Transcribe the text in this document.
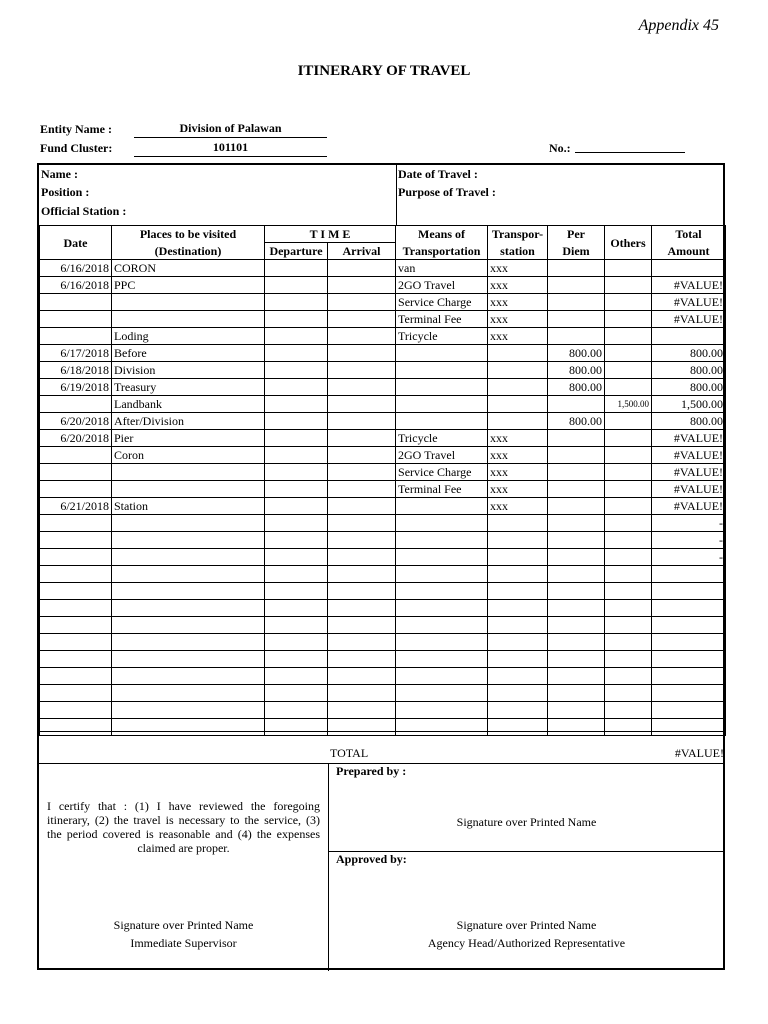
Appendix 45
ITINERARY OF TRAVEL
Entity Name :	Division of Palawan
Fund Cluster:	101101	No.:
Name :
Position :
Official Station :
Date of Travel :
Purpose of Travel :
Date	Places to be visited	T I M E		Means of	Transpor-	Per	Others	Total
	(Destination)	Departure	Arrival	Transportation	station	Diem		Amount
6/16/2018	CORON			van	xxx			
6/16/2018	PPC			2GO Travel	xxx			#VALUE!
				Service Charge	xxx			#VALUE!
				Terminal Fee	xxx			#VALUE!
	Loding			Tricycle	xxx			
6/17/2018	Before					800.00		800.00
6/18/2018	Division					800.00		800.00
6/19/2018	Treasury					800.00		800.00
	Landbank						1,500.00	1,500.00
6/20/2018	After/Division					800.00		800.00
6/20/2018	Pier			Tricycle	xxx			#VALUE!
	Coron			2GO Travel	xxx			#VALUE!
				Service Charge	xxx			#VALUE!
				Terminal Fee	xxx			#VALUE!
6/21/2018	Station				xxx			#VALUE!
								-
								-
								-

TOTAL	#VALUE!
I certify that : (1) I have reviewed the foregoing itinerary, (2) the travel is necessary to the service, (3) the period covered is reasonable and (4) the expenses claimed are proper.
Signature over Printed Name
Immediate Supervisor
Prepared by :
Signature over Printed Name
Approved by:
Signature over Printed Name
Agency Head/Authorized Representative
